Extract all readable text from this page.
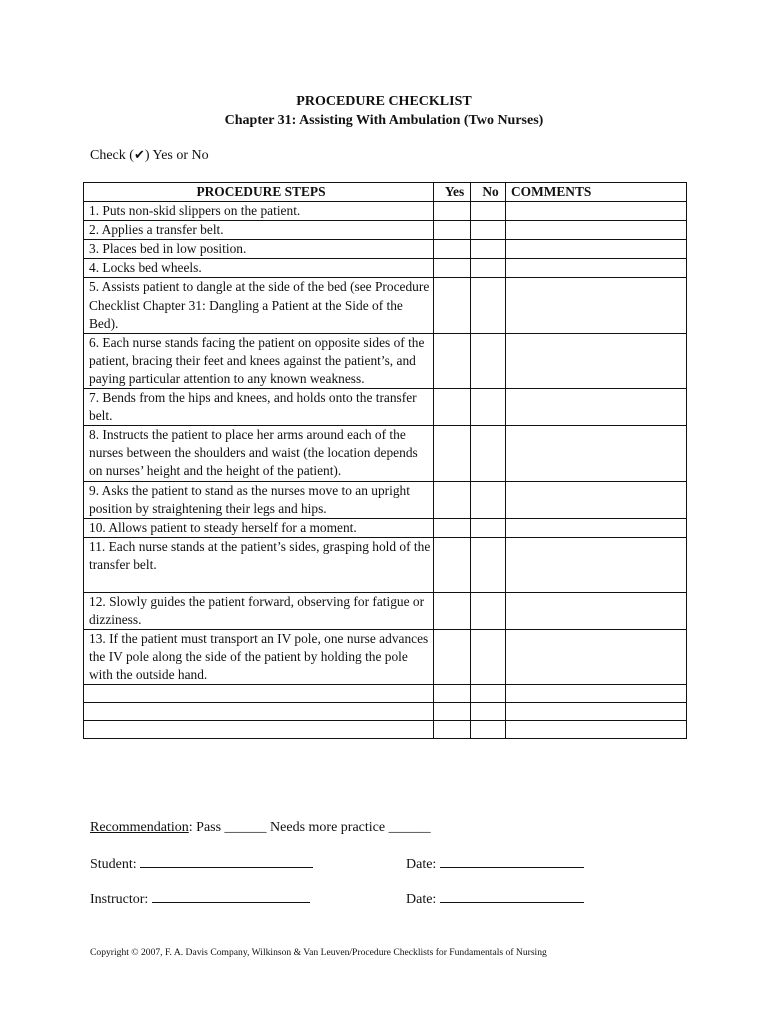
PROCEDURE CHECKLIST
Chapter 31: Assisting With Ambulation (Two Nurses)
Check (✔) Yes or No
PROCEDURE STEPS	Yes	No	COMMENTS
1. Puts non-skid slippers on the patient.			
2. Applies a transfer belt.			
3. Places bed in low position.			
4. Locks bed wheels.			
5. Assists patient to dangle at the side of the bed (see Procedure Checklist Chapter 31: Dangling a Patient at the Side of the Bed).			
6. Each nurse stands facing the patient on opposite sides of the patient, bracing their feet and knees against the patient’s, and paying particular attention to any known weakness.			
7. Bends from the hips and knees, and holds onto the transfer belt.			
8. Instructs the patient to place her arms around each of the nurses between the shoulders and waist (the location depends on nurses’ height and the height of the patient).			
9. Asks the patient to stand as the nurses move to an upright position by straightening their legs and hips.			
10. Allows patient to steady herself for a moment.			
11. Each nurse stands at the patient’s sides, grasping hold of the transfer belt.			
12. Slowly guides the patient forward, observing for fatigue or dizziness.			
13. If the patient must transport an IV pole, one nurse advances the IV pole along the side of the patient by holding the pole with the outside hand.			

Recommendation: Pass ______ Needs more practice ______
Student:	Date:
Instructor:	Date:
Copyright © 2007, F. A. Davis Company, Wilkinson & Van Leuven/Procedure Checklists for Fundamentals of Nursing
